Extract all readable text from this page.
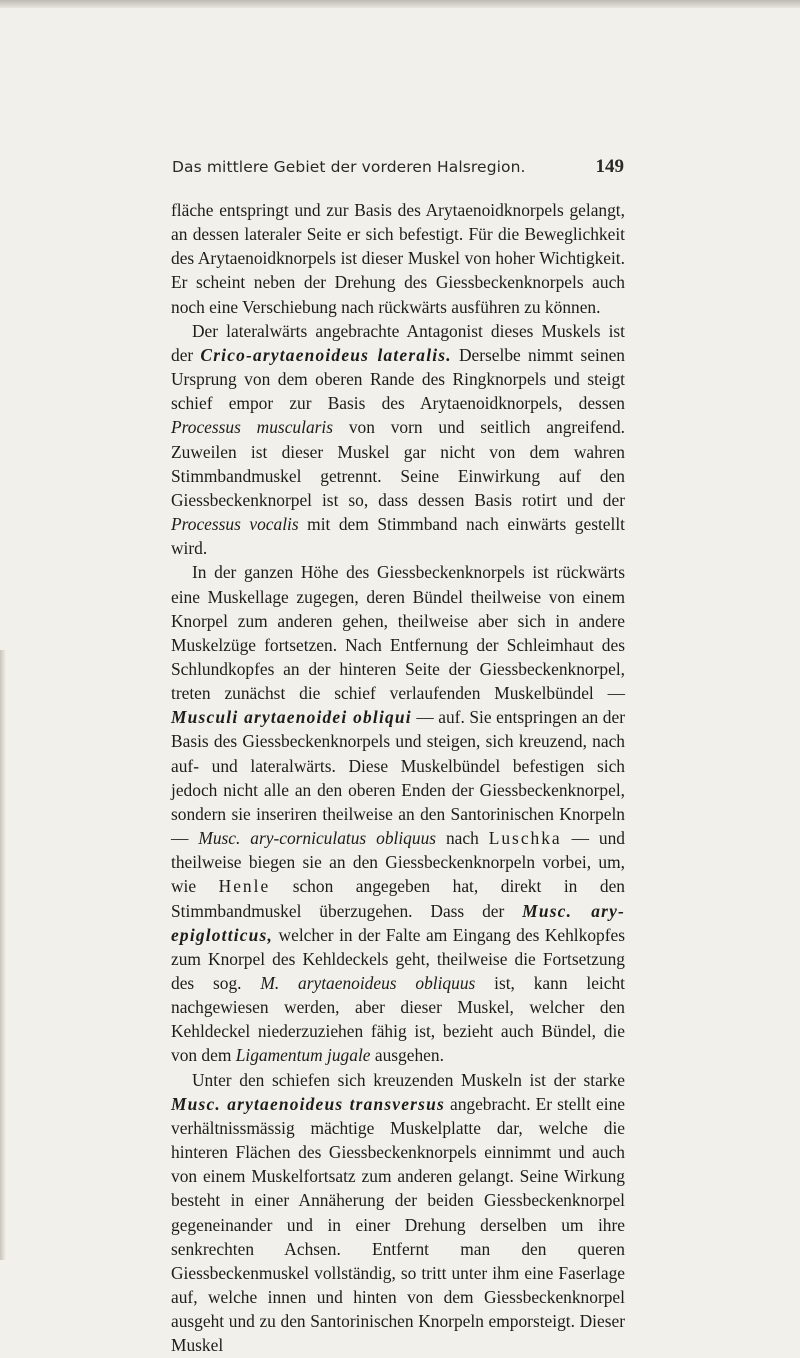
Das mittlere Gebiet der vorderen Halsregion.	149

fläche entspringt und zur Basis des Arytaenoidknorpels gelangt, an dessen lateraler Seite er sich befestigt. Für die Beweglichkeit des Arytaenoidknorpels ist dieser Muskel von hoher Wichtigkeit. Er scheint neben der Drehung des Giessbeckenknorpels auch noch eine Verschiebung nach rückwärts ausführen zu können.

Der lateralwärts angebrachte Antagonist dieses Muskels ist der Crico-arytaenoideus lateralis. Derselbe nimmt seinen Ursprung von dem oberen Rande des Ringknorpels und steigt schief empor zur Basis des Arytaenoidknorpels, dessen Processus muscularis von vorn und seitlich angreifend. Zuweilen ist dieser Muskel gar nicht von dem wahren Stimmbandmuskel getrennt. Seine Einwirkung auf den Giessbeckenknorpel ist so, dass dessen Basis rotirt und der Processus vocalis mit dem Stimmband nach einwärts gestellt wird.

In der ganzen Höhe des Giessbeckenknorpels ist rückwärts eine Muskellage zugegen, deren Bündel theilweise von einem Knorpel zum anderen gehen, theilweise aber sich in andere Muskelzüge fortsetzen. Nach Entfernung der Schleimhaut des Schlundkopfes an der hinteren Seite der Giessbeckenknorpel, treten zunächst die schief verlaufenden Muskelbündel — Musculi arytaenoidei obliqui — auf. Sie entspringen an der Basis des Giessbeckenknorpels und steigen, sich kreuzend, nach auf- und lateralwärts. Diese Muskelbündel befestigen sich jedoch nicht alle an den oberen Enden der Giessbeckenknorpel, sondern sie inseriren theilweise an den Santorinischen Knorpeln — Musc. ary-corniculatus obliquus nach Luschka — und theilweise biegen sie an den Giessbeckenknorpeln vorbei, um, wie Henle schon angegeben hat, direkt in den Stimmbandmuskel überzugehen. Dass der Musc. ary-epiglotticus, welcher in der Falte am Eingang des Kehlkopfes zum Knorpel des Kehldeckels geht, theilweise die Fortsetzung des sog. M. arytaenoideus obliquus ist, kann leicht nachgewiesen werden, aber dieser Muskel, welcher den Kehldeckel niederzuziehen fähig ist, bezieht auch Bündel, die von dem Ligamentum jugale ausgehen.

Unter den schiefen sich kreuzenden Muskeln ist der starke Musc. arytaenoideus transversus angebracht. Er stellt eine verhältnissmässig mächtige Muskelplatte dar, welche die hinteren Flächen des Giessbeckenknorpels einnimmt und auch von einem Muskelfortsatz zum anderen gelangt. Seine Wirkung besteht in einer Annäherung der beiden Giessbeckenknorpel gegeneinander und in einer Drehung derselben um ihre senkrechten Achsen. Entfernt man den queren Giessbeckenmuskel vollständig, so tritt unter ihm eine Faserlage auf, welche innen und hinten von dem Giessbeckenknorpel ausgeht und zu den Santorinischen Knorpeln emporsteigt. Dieser Muskel
